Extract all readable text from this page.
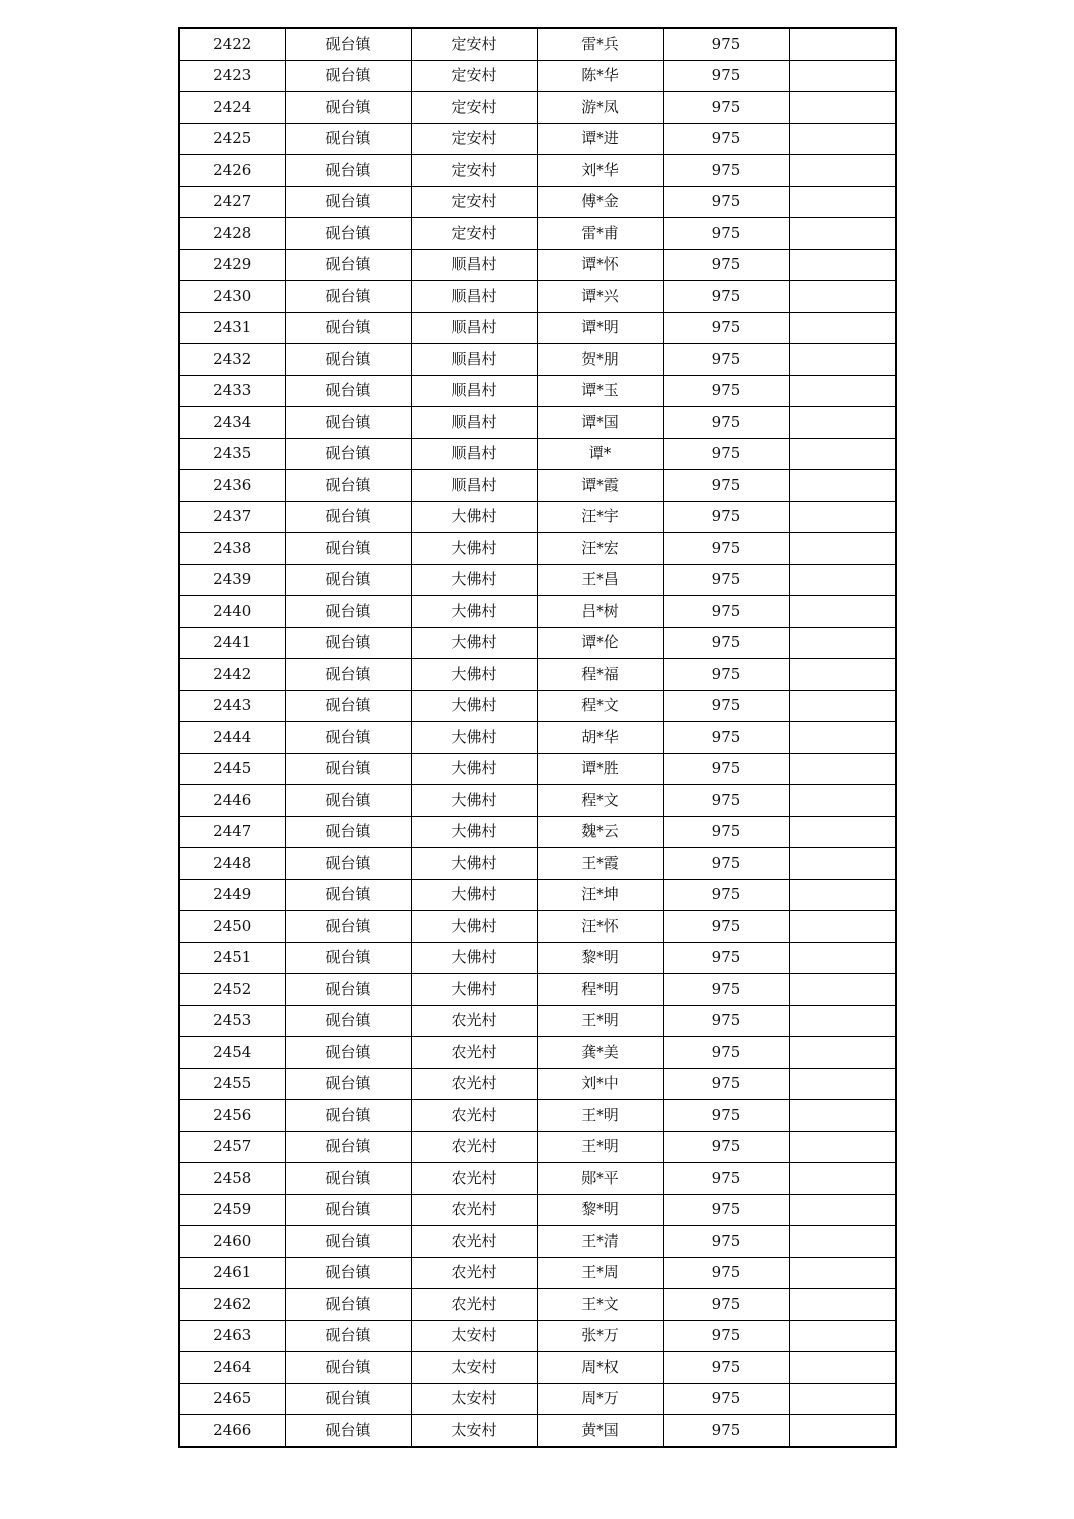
2422	砚台镇	定安村	雷*兵	975	
2423	砚台镇	定安村	陈*华	975	
2424	砚台镇	定安村	游*凤	975	
2425	砚台镇	定安村	谭*进	975	
2426	砚台镇	定安村	刘*华	975	
2427	砚台镇	定安村	傅*金	975	
2428	砚台镇	定安村	雷*甫	975	
2429	砚台镇	顺昌村	谭*怀	975	
2430	砚台镇	顺昌村	谭*兴	975	
2431	砚台镇	顺昌村	谭*明	975	
2432	砚台镇	顺昌村	贺*朋	975	
2433	砚台镇	顺昌村	谭*玉	975	
2434	砚台镇	顺昌村	谭*国	975	
2435	砚台镇	顺昌村	谭*	975	
2436	砚台镇	顺昌村	谭*霞	975	
2437	砚台镇	大佛村	汪*宇	975	
2438	砚台镇	大佛村	汪*宏	975	
2439	砚台镇	大佛村	王*昌	975	
2440	砚台镇	大佛村	吕*树	975	
2441	砚台镇	大佛村	谭*伦	975	
2442	砚台镇	大佛村	程*福	975	
2443	砚台镇	大佛村	程*文	975	
2444	砚台镇	大佛村	胡*华	975	
2445	砚台镇	大佛村	谭*胜	975	
2446	砚台镇	大佛村	程*文	975	
2447	砚台镇	大佛村	魏*云	975	
2448	砚台镇	大佛村	王*霞	975	
2449	砚台镇	大佛村	汪*坤	975	
2450	砚台镇	大佛村	汪*怀	975	
2451	砚台镇	大佛村	黎*明	975	
2452	砚台镇	大佛村	程*明	975	
2453	砚台镇	农光村	王*明	975	
2454	砚台镇	农光村	龚*美	975	
2455	砚台镇	农光村	刘*中	975	
2456	砚台镇	农光村	王*明	975	
2457	砚台镇	农光村	王*明	975	
2458	砚台镇	农光村	郧*平	975	
2459	砚台镇	农光村	黎*明	975	
2460	砚台镇	农光村	王*清	975	
2461	砚台镇	农光村	王*周	975	
2462	砚台镇	农光村	王*文	975	
2463	砚台镇	太安村	张*万	975	
2464	砚台镇	太安村	周*权	975	
2465	砚台镇	太安村	周*万	975	
2466	砚台镇	太安村	黄*国	975	
